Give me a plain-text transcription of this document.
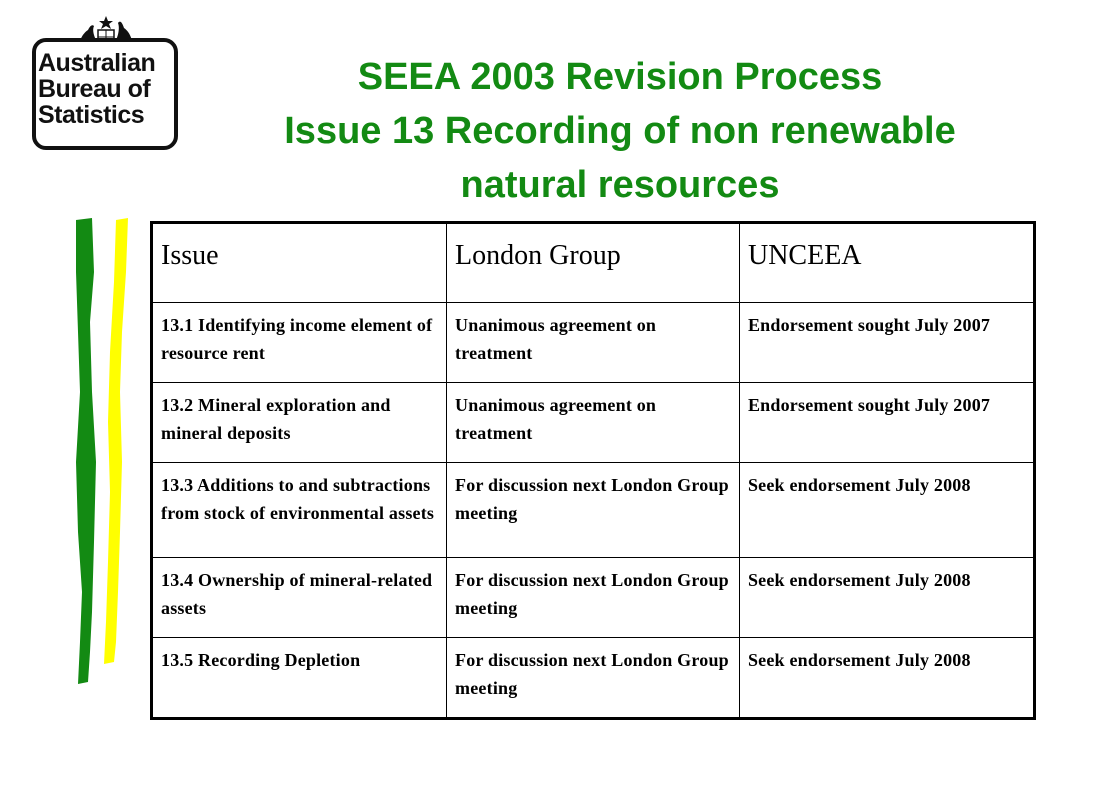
Australian
Bureau of
Statistics
SEEA 2003 Revision Process
Issue 13 Recording of non renewable
natural resources
Issue	London Group	UNCEEA
13.1 Identifying income element of resource rent	Unanimous agreement on treatment	Endorsement sought July 2007
13.2 Mineral exploration and mineral deposits	Unanimous agreement on treatment	Endorsement sought July 2007
13.3 Additions to and subtractions from stock of environmental assets	For discussion next London Group meeting	Seek endorsement July 2008
13.4 Ownership of mineral-related assets	For discussion next London Group meeting	Seek endorsement July 2008
13.5 Recording Depletion	For discussion next London Group meeting	Seek endorsement July 2008
